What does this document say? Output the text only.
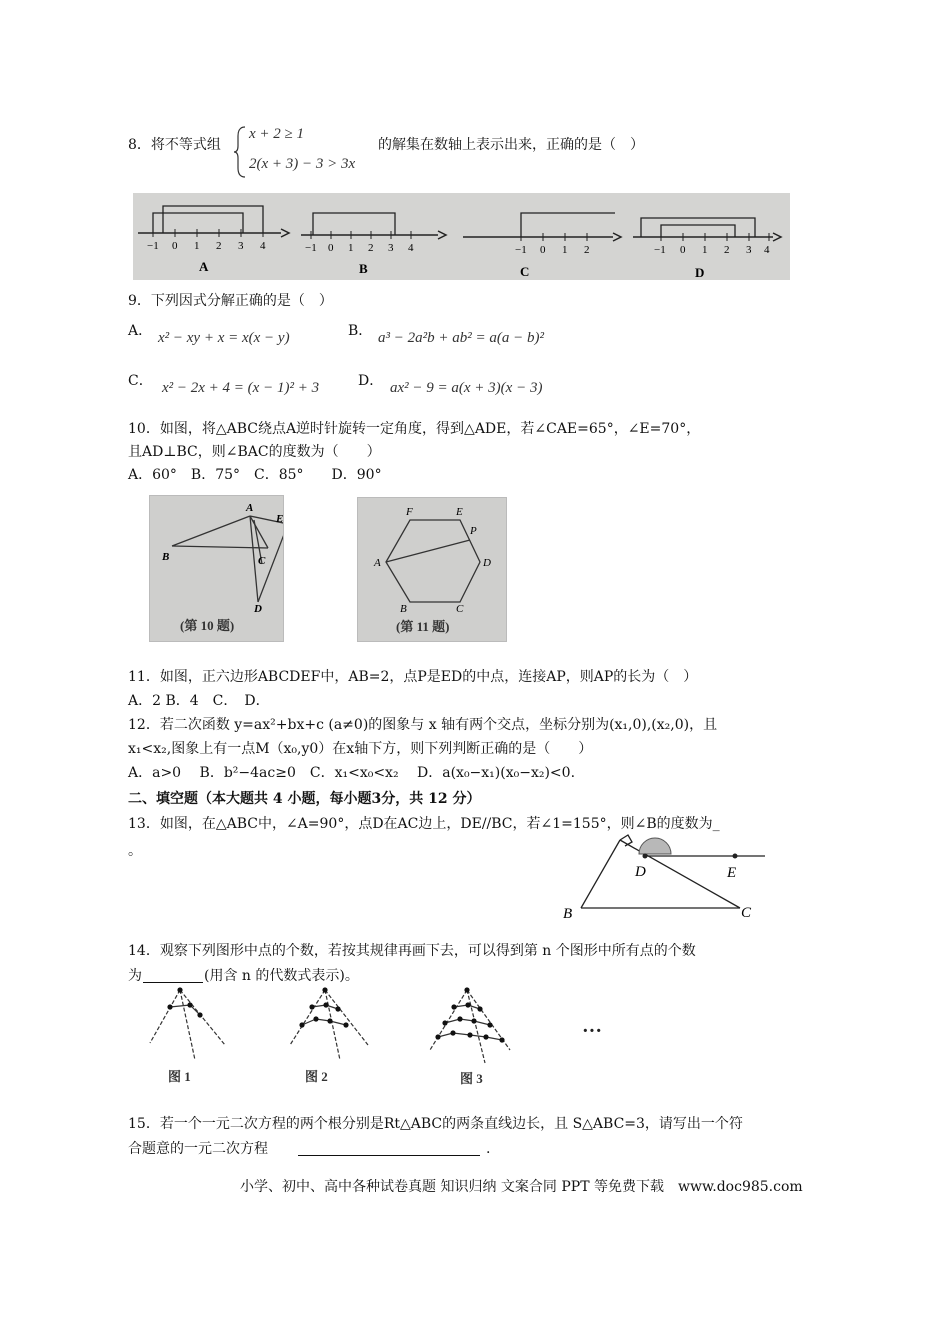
8．将不等式组
x + 2 ≥ 1
2(x + 3) − 3 > 3x
的解集在数轴上表示出来，正确的是（　）
−1 0 1 2 3 4
A
−1 0 1 2 3 4
B
−1 0 1 2
C
−1 0 1 2 3 4
D
9．下列因式分解正确的是（　）
A． x² − xy + x = x(x − y)	B． a³ − 2a²b + ab² = a(a − b)²
C． x² − 2x + 4 = (x − 1)² + 3	D． ax² − 9 = a(x + 3)(x − 3)
10．如图，将△ABC绕点A逆时针旋转一定角度，得到△ADE，若∠CAE=65°，∠E=70°，
且AD⊥BC，则∠BAC的度数为（　　）
A．60°　B．75°　C．85°　　D．90°
A
B	C
D
E
(第 10 题)
F	E
P
A	D
B	C
(第 11 题)
11．如图，正六边形ABCDEF中，AB=2，点P是ED的中点，连接AP，则AP的长为（　）
A．2 B．4　C．　D．
12．若二次函数 y=ax²+bx+c (a≠0)的图象与 x 轴有两个交点，坐标分别为(x₁,0),(x₂,0)，且
x₁<x₂,图象上有一点M（x₀,y0）在x轴下方，则下列判断正确的是（　　）
A．a>0　 B．b²−4ac≥0　C．x₁<x₀<x₂　 D．a(x₀−x₁)(x₀−x₂)<0.
二、填空题（本大题共 4 小题，每小题3分，共 12 分）
13．如图，在△ABC中，∠A=90°，点D在AC边上，DE//BC，若∠1=155°，则∠B的度数为_
。
D	E
B	C
14．观察下列图形中点的个数，若按其规律再画下去，可以得到第 n 个图形中所有点的个数
为	(用含 n 的代数式表示)。
图 1	图 2	图 3
···
15．若一个一元二次方程的两个根分别是Rt△ABC的两条直线边长，且 S△ABC=3，请写出一个符
合题意的一元二次方程	.
小学、初中、高中各种试卷真题 知识归纳 文案合同 PPT 等免费下载　www.doc985.com
